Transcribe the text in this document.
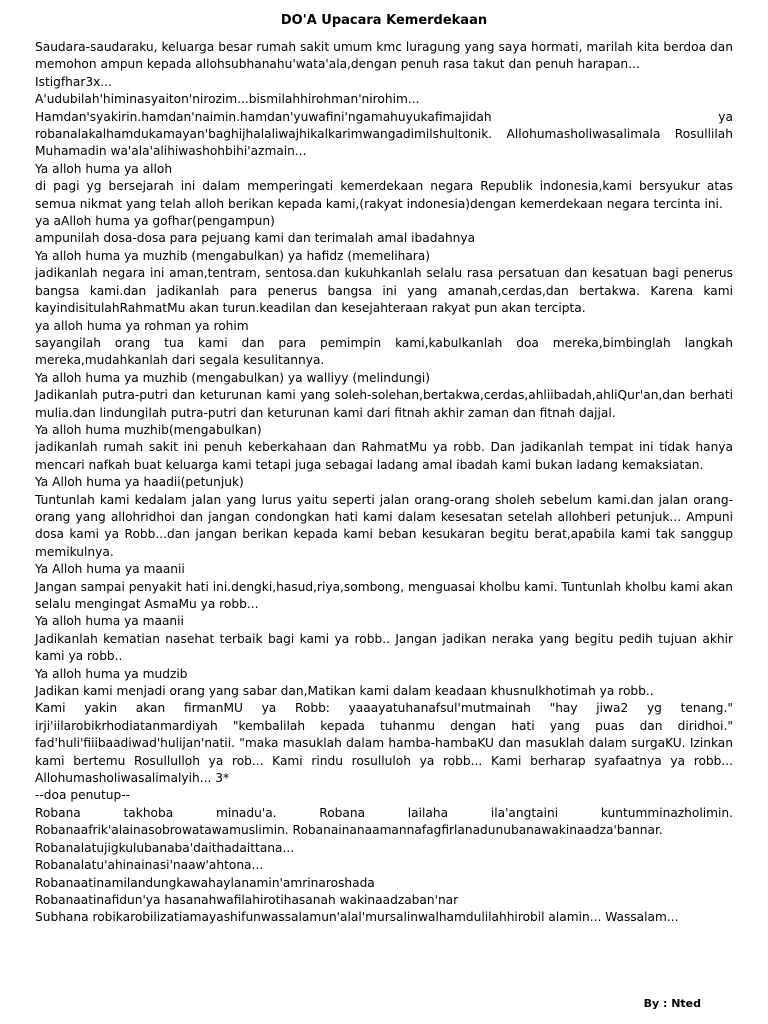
DO'A Upacara Kemerdekaan

Saudara-saudaraku, keluarga besar rumah sakit umum kmc luragung yang saya hormati, marilah kita berdoa dan memohon ampun kepada allohsubhanahu'wata'ala,dengan penuh rasa takut dan penuh harapan...

Istigfhar3x...

A'udubilah'himinasyaiton'nirozim...bismilahhirohman'nirohim...

Hamdan'syakirin.hamdan'naimin.hamdan'yuwafini'ngamahuyukafimajidah ya robanalakalhamdukamayan'baghijhalaliwajhikalkarimwangadimilshultonik. Allohumasholiwasalimala Rosullilah Muhamadin wa'ala'alihiwashohbihi'azmain...

Ya alloh huma ya alloh

di pagi yg bersejarah ini dalam memperingati kemerdekaan negara Republik indonesia,kami bersyukur atas semua nikmat yang telah alloh berikan kepada kami,(rakyat indonesia)dengan kemerdekaan negara tercinta ini.

ya aAlloh huma ya gofhar(pengampun)

ampunilah dosa-dosa para pejuang kami dan terimalah amal ibadahnya

Ya alloh huma ya muzhib (mengabulkan) ya hafidz (memelihara)

jadikanlah negara ini aman,tentram, sentosa.dan kukuhkanlah selalu rasa persatuan dan kesatuan bagi penerus bangsa kami.dan jadikanlah para penerus bangsa ini yang amanah,cerdas,dan bertakwa. Karena kami kayindisitulahRahmatMu akan turun.keadilan dan kesejahteraan rakyat pun akan tercipta.

ya alloh huma ya rohman ya rohim

sayangilah orang tua kami dan para pemimpin kami,kabulkanlah doa mereka,bimbinglah langkah mereka,mudahkanlah dari segala kesulitannya.

Ya alloh huma ya muzhib (mengabulkan) ya walliyy (melindungi)

Jadikanlah putra-putri dan keturunan kami yang soleh-solehan,bertakwa,cerdas,ahliibadah,ahliQur'an,dan berhati mulia.dan lindungilah putra-putri dan keturunan kami dari fitnah akhir zaman dan fitnah dajjal.

Ya alloh huma muzhib(mengabulkan)

jadikanlah rumah sakit ini penuh keberkahaan dan RahmatMu ya robb. Dan jadikanlah tempat ini tidak hanya mencari nafkah buat keluarga kami tetapi juga sebagai ladang amal ibadah kami bukan ladang kemaksiatan.

Ya Alloh huma ya haadii(petunjuk)

Tuntunlah kami kedalam jalan yang lurus yaitu seperti jalan orang-orang sholeh sebelum kami.dan jalan orang-orang yang allohridhoi dan jangan condongkan hati kami dalam kesesatan setelah allohberi petunjuk... Ampuni dosa kami ya Robb...dan jangan berikan kepada kami beban kesukaran begitu berat,apabila kami tak sanggup memikulnya.

Ya Alloh huma ya maanii

Jangan sampai penyakit hati ini.dengki,hasud,riya,sombong, menguasai kholbu kami. Tuntunlah kholbu kami akan selalu mengingat AsmaMu ya robb...

Ya alloh huma ya maanii

Jadikanlah kematian nasehat terbaik bagi kami ya robb.. Jangan jadikan neraka yang begitu pedih tujuan akhir kami ya robb..

Ya alloh huma ya mudzib

Jadikan kami menjadi orang yang sabar dan,Matikan kami dalam keadaan khusnulkhotimah ya robb..

Kami yakin akan firmanMU ya Robb: yaaayatuhanafsul'mutmainah "hay jiwa2 yg tenang." irji'iilarobikrhodiatanmardiyah "kembalilah kepada tuhanmu dengan hati yang puas dan diridhoi." fad'huli'fiiibaadiwad'hulijan'natii. "maka masuklah dalam hamba-hambaKU dan masuklah dalam surgaKU. Izinkan kami bertemu Rosullulloh ya rob... Kami rindu rosulluloh ya robb... Kami berharap syafaatnya ya robb... Allohumasholiwasalimalyih... 3*

--doa penutup--

Robana takhoba minadu'a. Robana lailaha ila'angtaini kuntumminazholimin. Robanaafrik'alainasobrowatawamuslimin. Robanainanaamannafagfirlanadunubanawakinaadza'bannar.

Robanalatujigkulubanaba'daithadaittana...

Robanalatu'ahinainasi'naaw'ahtona...

Robanaatinamilandungkawahaylanamin'amrinaroshada

Robanaatinafidun'ya hasanahwafilahirotihasanah wakinaadzaban'nar

Subhana robikarobilizatiamayashifunwassalamun'alal'mursalinwalhamdulilahhirobil alamin... Wassalam...

By : Nted
